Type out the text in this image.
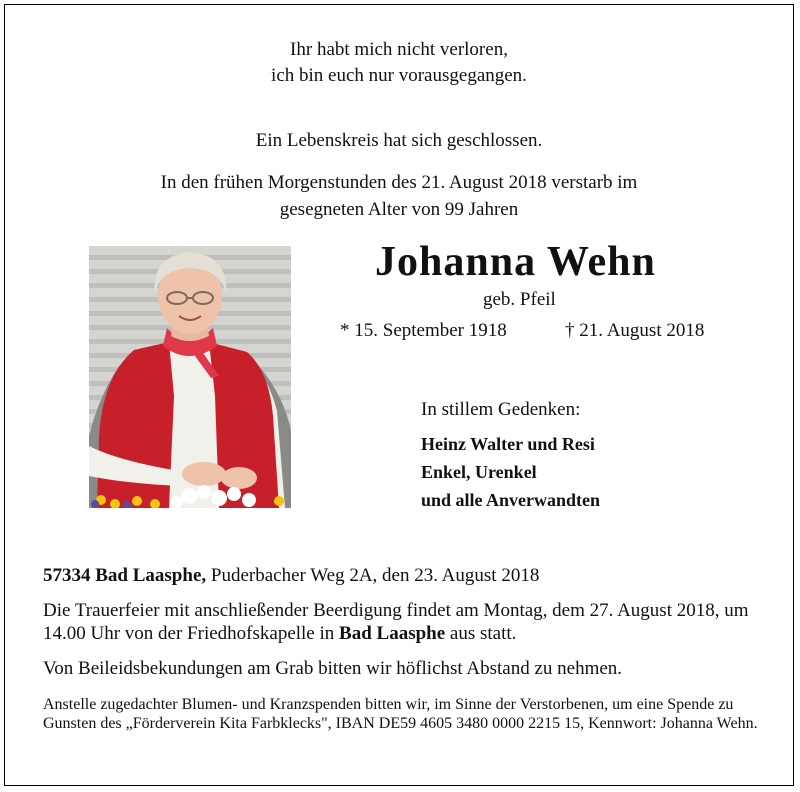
Ihr habt mich nicht verloren,
ich bin euch nur vorausgegangen.
Ein Lebenskreis hat sich geschlossen.
In den frühen Morgenstunden des 21. August 2018 verstarb im
gesegneten Alter von 99 Jahren
Johanna Wehn
geb. Pfeil
* 15. September 1918	† 21. August 2018
In stillem Gedenken:
Heinz Walter und Resi
Enkel, Urenkel
und alle Anverwandten
57334 Bad Laasphe, Puderbacher Weg 2A, den 23. August 2018
Die Trauerfeier mit anschließender Beerdigung findet am Montag, dem 27. August 2018, um 14.00 Uhr von der Friedhofskapelle in Bad Laasphe aus statt.
Von Beileidsbekundungen am Grab bitten wir höflichst Abstand zu nehmen.
Anstelle zugedachter Blumen- und Kranzspenden bitten wir, im Sinne der Verstorbenen, um eine Spende zu Gunsten des „Förderverein Kita Farbklecks", IBAN DE59 4605 3480 0000 2215 15, Kennwort: Johanna Wehn.
